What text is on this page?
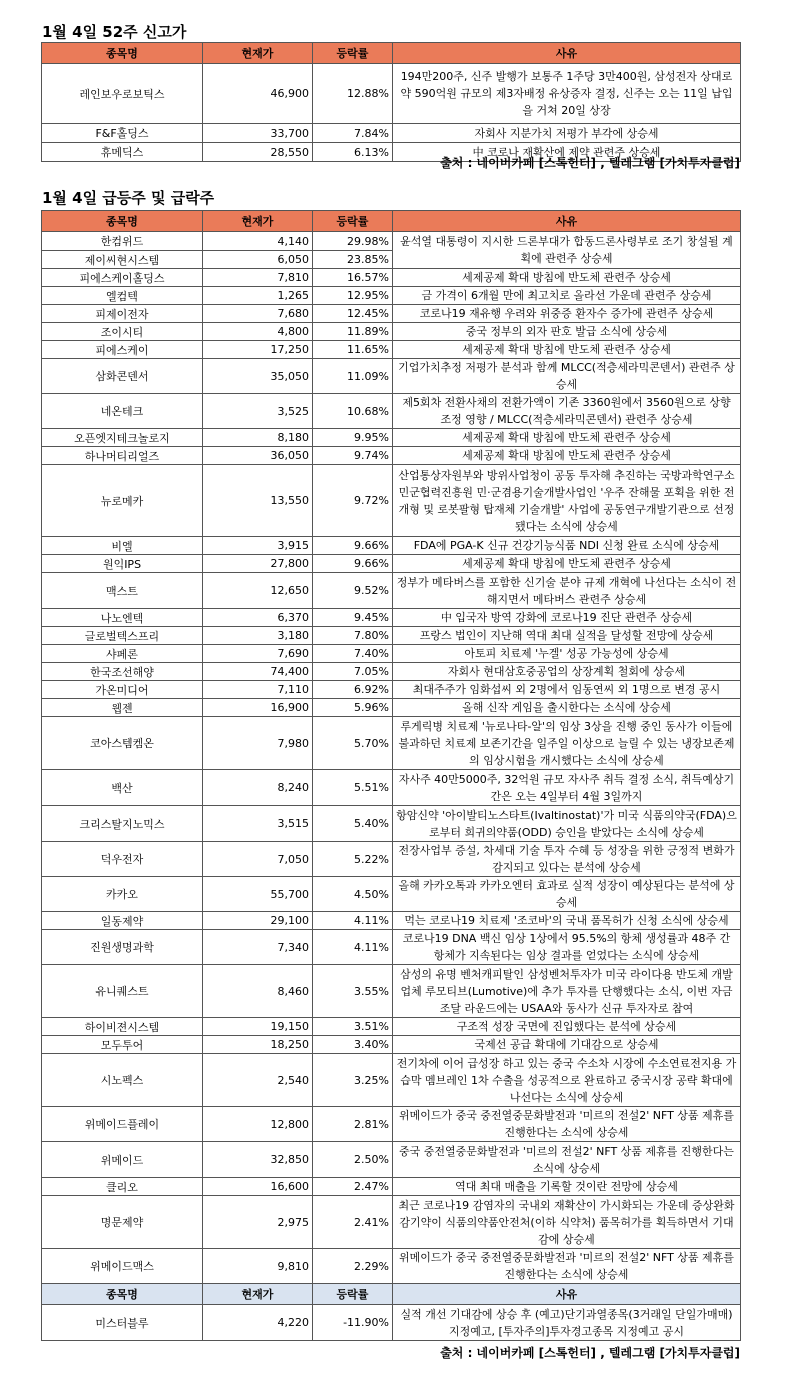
1월 4일 52주 신고가
종목명	현재가	등락률	사유
레인보우로보틱스	46,900	12.88%	194만200주, 신주 발행가 보통주 1주당 3만400원, 삼성전자 상대로 약 590억원 규모의 제3자배정 유상증자 결정, 신주는 오는 11일 납입을 거쳐 20일 상장
F&F홀딩스	33,700	7.84%	자회사 지분가치 저평가 부각에 상승세
휴메딕스	28,550	6.13%	中 코로나 재확산에 제약 관련주 상승세
출처 : 네이버카페 [스톡헌터] , 텔레그램 [가치투자클럽]
1월 4일 급등주 및 급락주
종목명	현재가	등락률	사유
한컴위드	4,140	29.98%	윤석열 대통령이 지시한 드론부대가 합동드론사령부로 조기 창설될 계획에 관련주 상승세
제이씨현시스템	6,050	23.85%	
피에스케이홀딩스	7,810	16.57%	세제공제 확대 방침에 반도체 관련주 상승세
엘컴텍	1,265	12.95%	금 가격이 6개월 만에 최고치로 올라선 가운데 관련주 상승세
피제이전자	7,680	12.45%	코로나19 재유행 우려와 위중증 환자수 증가에 관련주 상승세
조이시티	4,800	11.89%	중국 정부의 외자 판호 발급 소식에 상승세
피에스케이	17,250	11.65%	세제공제 확대 방침에 반도체 관련주 상승세
삼화콘덴서	35,050	11.09%	기업가치추정 저평가 분석과 함께 MLCC(적층세라믹콘덴서) 관련주 상승세
네온테크	3,525	10.68%	제5회차 전환사채의 전환가액이 기존 3360원에서 3560원으로 상향 조정 영향 / MLCC(적층세라믹콘덴서) 관련주 상승세
오픈엣지테크놀로지	8,180	9.95%	세제공제 확대 방침에 반도체 관련주 상승세
하나머티리얼즈	36,050	9.74%	세제공제 확대 방침에 반도체 관련주 상승세
뉴로메카	13,550	9.72%	산업통상자원부와 방위사업청이 공동 투자해 추진하는 국방과학연구소 민군협력진흥원 민·군겸용기술개발사업인 '우주 잔해물 포획을 위한 전개형 및 로봇팔형 탑재체 기술개발' 사업에 공동연구개발기관으로 선정됐다는 소식에 상승세
비엘	3,915	9.66%	FDA에 PGA-K 신규 건강기능식품 NDI 신청 완료 소식에 상승세
원익IPS	27,800	9.66%	세제공제 확대 방침에 반도체 관련주 상승세
맥스트	12,650	9.52%	정부가 메타버스를 포함한 신기술 분야 규제 개혁에 나선다는 소식이 전해지면서 메타버스 관련주 상승세
나노엔텍	6,370	9.45%	中 입국자 방역 강화에 코로나19 진단 관련주 상승세
글로벌텍스프리	3,180	7.80%	프랑스 법인이 지난해 역대 최대 실적을 달성할 전망에 상승세
샤페론	7,690	7.40%	아토피 치료제 '누겔' 성공 가능성에 상승세
한국조선해양	74,400	7.05%	자회사 현대삼호중공업의 상장계획 철회에 상승세
가온미디어	7,110	6.92%	최대주주가 임화섭씨 외 2명에서 임동연씨 외 1명으로 변경 공시
웹젠	16,900	5.96%	올해 신작 게임을 출시한다는 소식에 상승세
코아스템켐온	7,980	5.70%	루게릭병 치료제 '뉴로나타-알'의 임상 3상을 진행 중인 동사가 이들에 불과하던 치료제 보존기간을 일주일 이상으로 늘릴 수 있는 냉장보존제의 임상시험을 개시했다는 소식에 상승세
백산	8,240	5.51%	자사주 40만5000주, 32억원 규모 자사주 취득 결정 소식, 취득예상기간은 오는 4일부터 4월 3일까지
크리스탈지노믹스	3,515	5.40%	항암신약 '아이발티노스타트(Ivaltinostat)'가 미국 식품의약국(FDA)으로부터 희귀의약품(ODD) 승인을 받았다는 소식에 상승세
덕우전자	7,050	5.22%	전장사업부 증설, 차세대 기술 투자 수혜 등 성장을 위한 긍정적 변화가 감지되고 있다는 분석에 상승세
카카오	55,700	4.50%	올해 카카오톡과 카카오엔터 효과로 실적 성장이 예상된다는 분석에 상승세
일동제약	29,100	4.11%	먹는 코로나19 치료제 '조코바'의 국내 품목허가 신청 소식에 상승세
진원생명과학	7,340	4.11%	코로나19 DNA 백신 임상 1상에서 95.5%의 항체 생성률과 48주 간 항체가 지속된다는 임상 결과를 얻었다는 소식에 상승세
유니퀘스트	8,460	3.55%	삼성의 유명 벤처캐피탈인 삼성벤처투자가 미국 라이다용 반도체 개발업체 루모티브(Lumotive)에 추가 투자를 단행했다는 소식, 이번 자금 조달 라운드에는 USAA와 동사가 신규 투자자로 참여
하이비젼시스템	19,150	3.51%	구조적 성장 국면에 진입했다는 분석에 상승세
모두투어	18,250	3.40%	국제선 공급 확대에 기대감으로 상승세
시노펙스	2,540	3.25%	전기차에 이어 급성장 하고 있는 중국 수소차 시장에 수소연료전지용 가습막 멤브레인 1차 수출을 성공적으로 완료하고 중국시장 공략 확대에 나선다는 소식에 상승세
위메이드플레이	12,800	2.81%	위메이드가 중국 중전열중문화발전과 '미르의 전설2' NFT 상품 제휴를 진행한다는 소식에 상승세
위메이드	32,850	2.50%	중국 중전열중문화발전과 '미르의 전설2' NFT 상품 제휴를 진행한다는 소식에 상승세
클리오	16,600	2.47%	역대 최대 매출을 기록할 것이란 전망에 상승세
명문제약	2,975	2.41%	최근 코로나19 감염자의 국내외 재확산이 가시화되는 가운데 증상완화 감기약이 식품의약품안전처(이하 식약처) 품목허가를 획득하면서 기대감에 상승세
위메이드맥스	9,810	2.29%	위메이드가 중국 중전열중문화발전과 '미르의 전설2' NFT 상품 제휴를 진행한다는 소식에 상승세
종목명	현재가	등락률	사유
미스터블루	4,220	-11.90%	실적 개선 기대감에 상승 후 (예고)단기과열종목(3거래일 단일가매매) 지정예고, [투자주의]투자경고종목 지정예고 공시
출처 : 네이버카페 [스톡헌터] , 텔레그램 [가치투자클럽]
